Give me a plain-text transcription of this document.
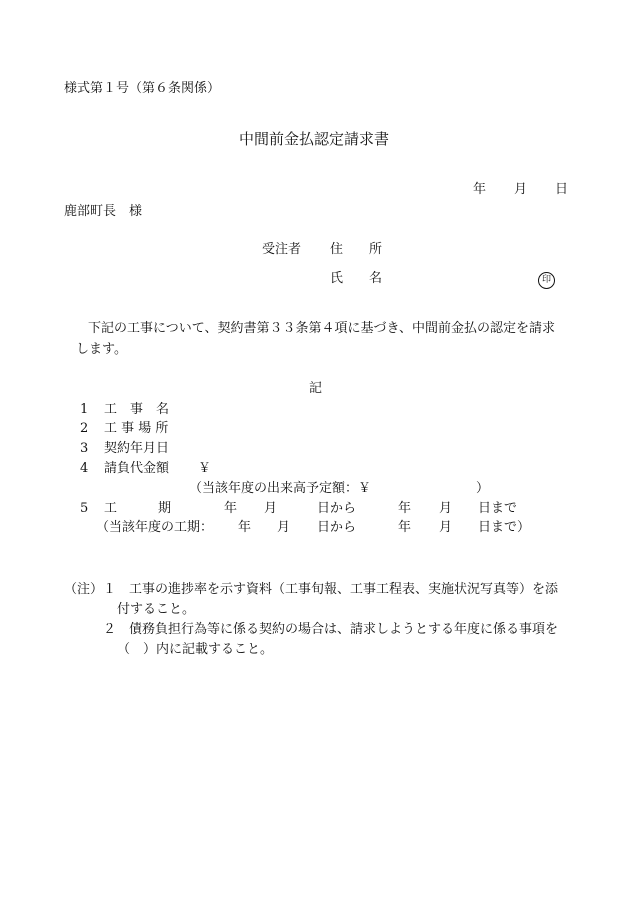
様式第１号（第６条関係）
中間前金払認定請求書
年 月 日
鹿部町長　様
受注者 住　　所
氏　　名	印
下記の工事について、契約書第３３条第４項に基づき、中間前金払の認定を請求
します。
記
1 工　事　名
2 工 事 場 所
3 契約年月日
4 請負代金額 ￥
（当該年度の出来高予定額：￥	）
5 工	期	年 月	日から	年 月 日まで
（当該年度の工期： 年 月 日から	年 月 日まで）
（注） １ 工事の進捗率を示す資料（工事旬報、工事工程表、実施状況写真等）を添
付すること。
２ 債務負担行為等に係る契約の場合は、請求しようとする年度に係る事項を
（　）内に記載すること。
